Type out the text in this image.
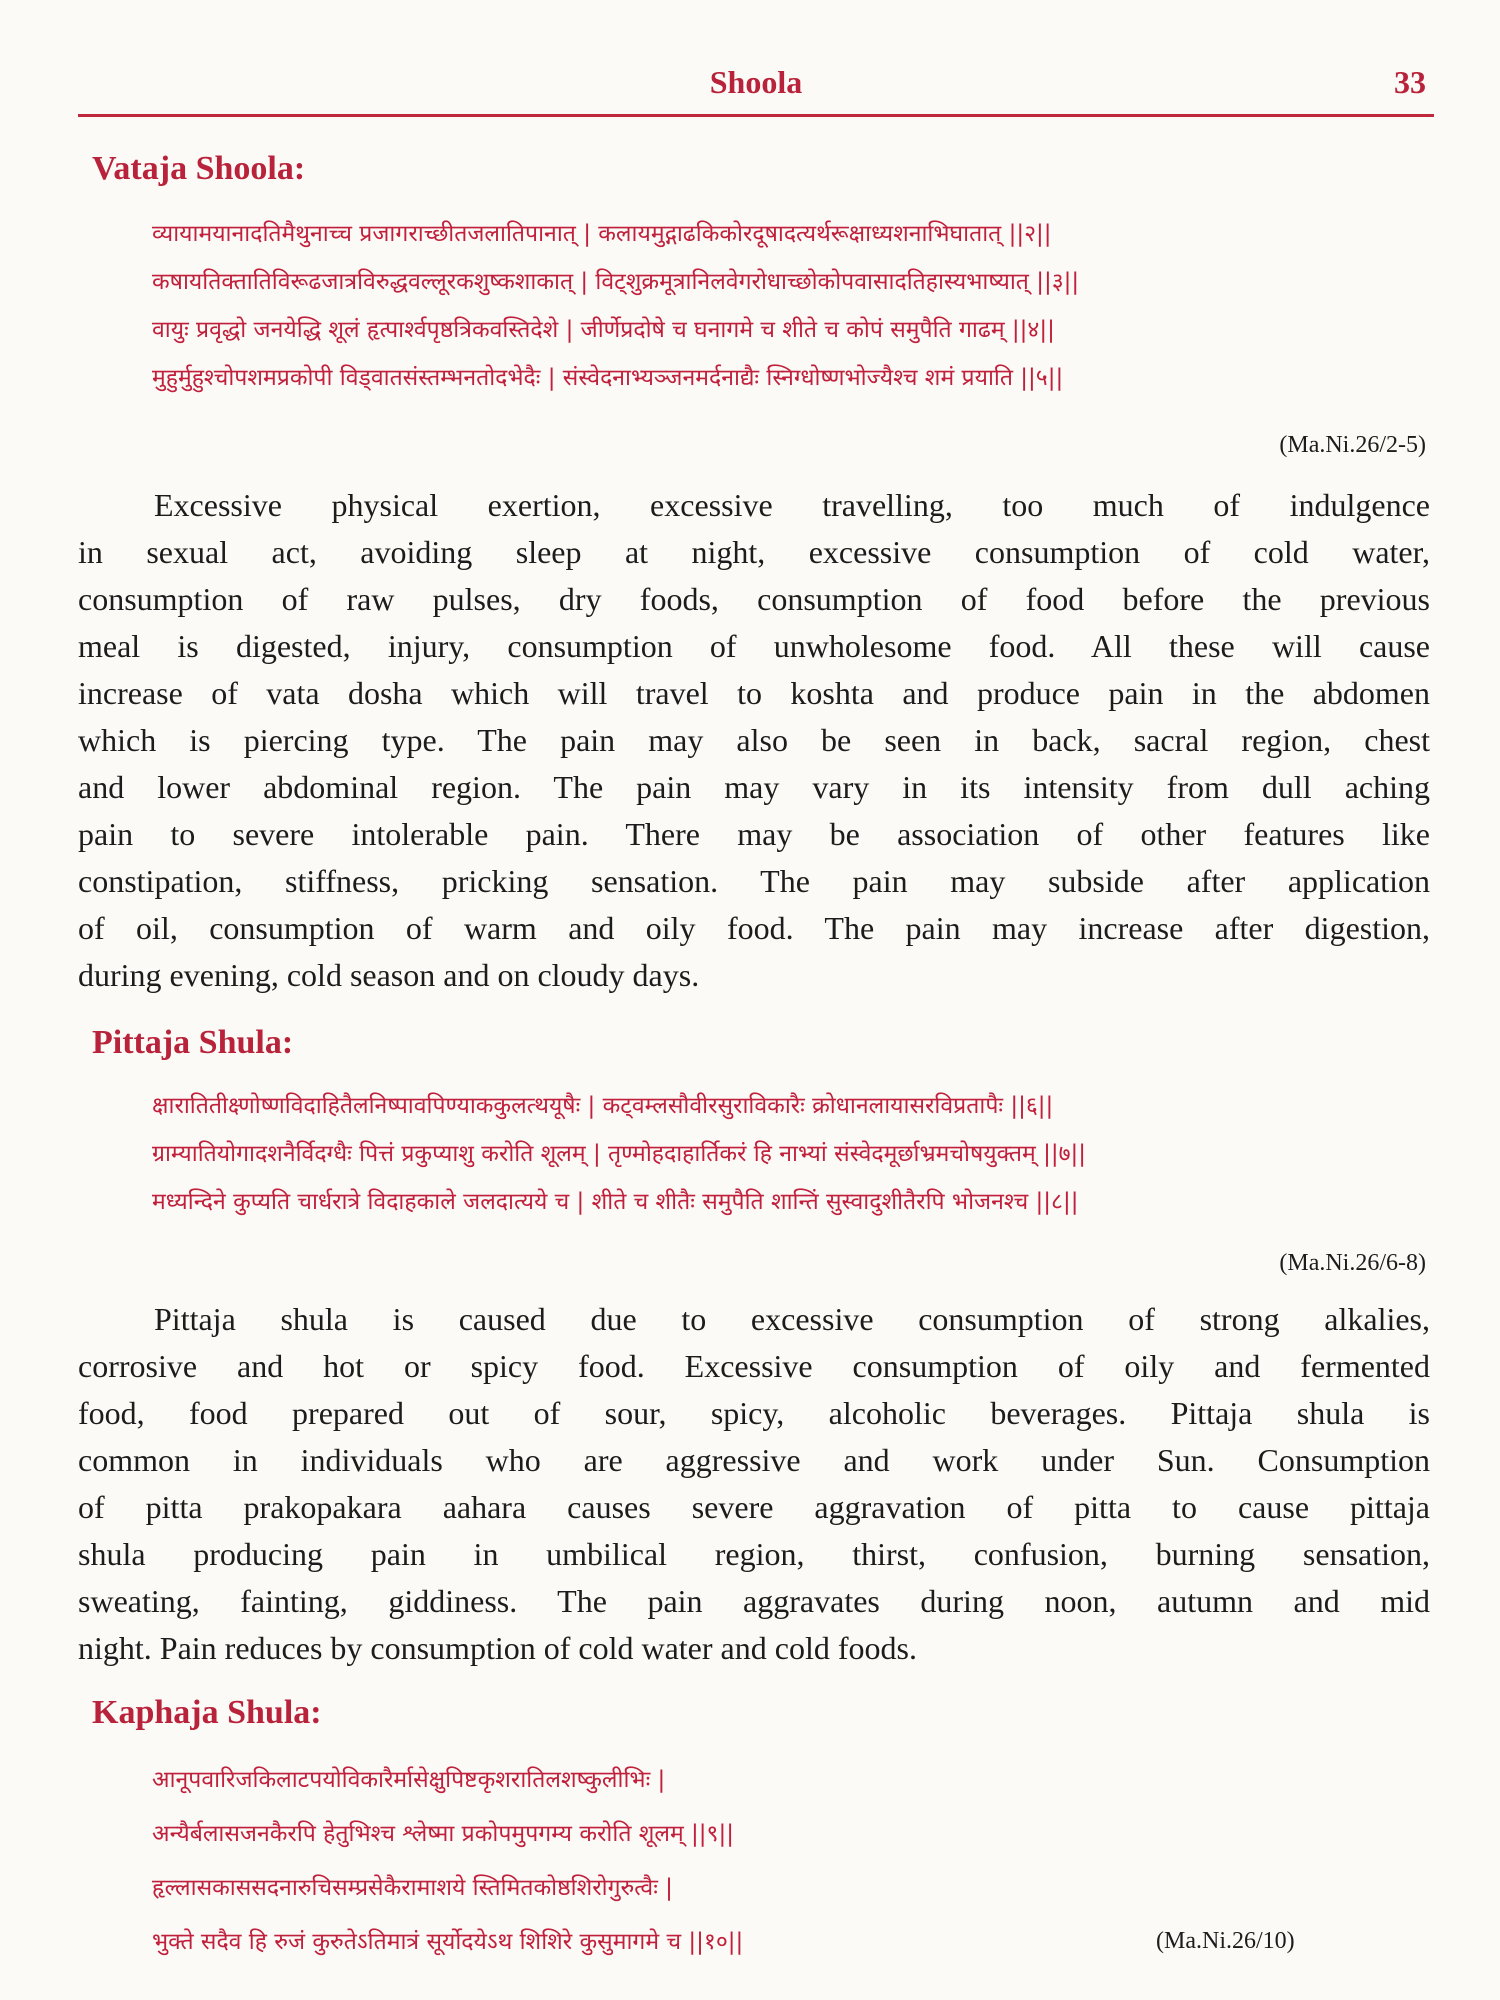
Shoola	33
Vataja Shoola:
व्यायामयानादतिमैथुनाच्च प्रजागराच्छीतजलातिपानात् | कलायमुद्गाढकिकोरदूषादत्यर्थरूक्षाध्यशनाभिघातात् ||२||
कषायतिक्तातिविरूढजात्रविरुद्धवल्लूरकशुष्कशाकात् | विट्शुक्रमूत्रानिलवेगरोधाच्छोकोपवासादतिहास्यभाष्यात् ||३||
वायुः प्रवृद्धो जनयेद्धि शूलं हृत्पार्श्वपृष्ठत्रिकवस्तिदेशे | जीर्णेप्रदोषे च घनागमे च शीते च कोपं समुपैति गाढम् ||४||
मुहुर्मुहुश्चोपशमप्रकोपी विड्वातसंस्तम्भनतोदभेदैः | संस्वेदनाभ्यञ्जनमर्दनाद्यैः स्निग्धोष्णभोज्यैश्च शमं प्रयाति ||५||
(Ma.Ni.26/2-5)
Excessive physical exertion, excessive travelling, too much of indulgence
in sexual act, avoiding sleep at night, excessive consumption of cold water,
consumption of raw pulses, dry foods, consumption of food before the previous
meal is digested, injury, consumption of unwholesome food. All these will cause
increase of vata dosha which will travel to koshta and produce pain in the abdomen
which is piercing type. The pain may also be seen in back, sacral region, chest
and lower abdominal region. The pain may vary in its intensity from dull aching
pain to severe intolerable pain. There may be association of other features like
constipation, stiffness, pricking sensation. The pain may subside after application
of oil, consumption of warm and oily food. The pain may increase after digestion,
during evening, cold season and on cloudy days.
Pittaja Shula:
क्षारातितीक्ष्णोष्णविदाहितैलनिष्पावपिण्याककुलत्थयूषैः | कट्वम्लसौवीरसुराविकारैः क्रोधानलायासरविप्रतापैः ||६||
ग्राम्यातियोगादशनैर्विदग्धैः पित्तं प्रकुप्याशु करोति शूलम् | तृण्मोहदाहार्तिकरं हि नाभ्यां संस्वेदमूर्छाभ्रमचोषयुक्तम् ||७||
मध्यन्दिने कुप्यति चार्धरात्रे विदाहकाले जलदात्यये च | शीते च शीतैः समुपैति शान्तिं सुस्वादुशीतैरपि भोजनश्च ||८||
(Ma.Ni.26/6-8)
Pittaja shula is caused due to excessive consumption of strong alkalies,
corrosive and hot or spicy food. Excessive consumption of oily and fermented
food, food prepared out of sour, spicy, alcoholic beverages. Pittaja shula is
common in individuals who are aggressive and work under Sun. Consumption
of pitta prakopakara aahara causes severe aggravation of pitta to cause pittaja
shula producing pain in umbilical region, thirst, confusion, burning sensation,
sweating, fainting, giddiness. The pain aggravates during noon, autumn and mid
night. Pain reduces by consumption of cold water and cold foods.
Kaphaja Shula:
आनूपवारिजकिलाटपयोविकारैर्मासेक्षुपिष्टकृशरातिलशष्कुलीभिः |
अन्यैर्बलासजनकैरपि हेतुभिश्च श्लेष्मा प्रकोपमुपगम्य करोति शूलम् ||९||
हृल्लासकाससदनारुचिसम्प्रसेकैरामाशये स्तिमितकोष्ठशिरोगुरुत्वैः |
भुक्ते सदैव हि रुजं कुरुतेऽतिमात्रं सूर्योदयेऽथ शिशिरे कुसुमागमे च ||१०||	(Ma.Ni.26/10)
